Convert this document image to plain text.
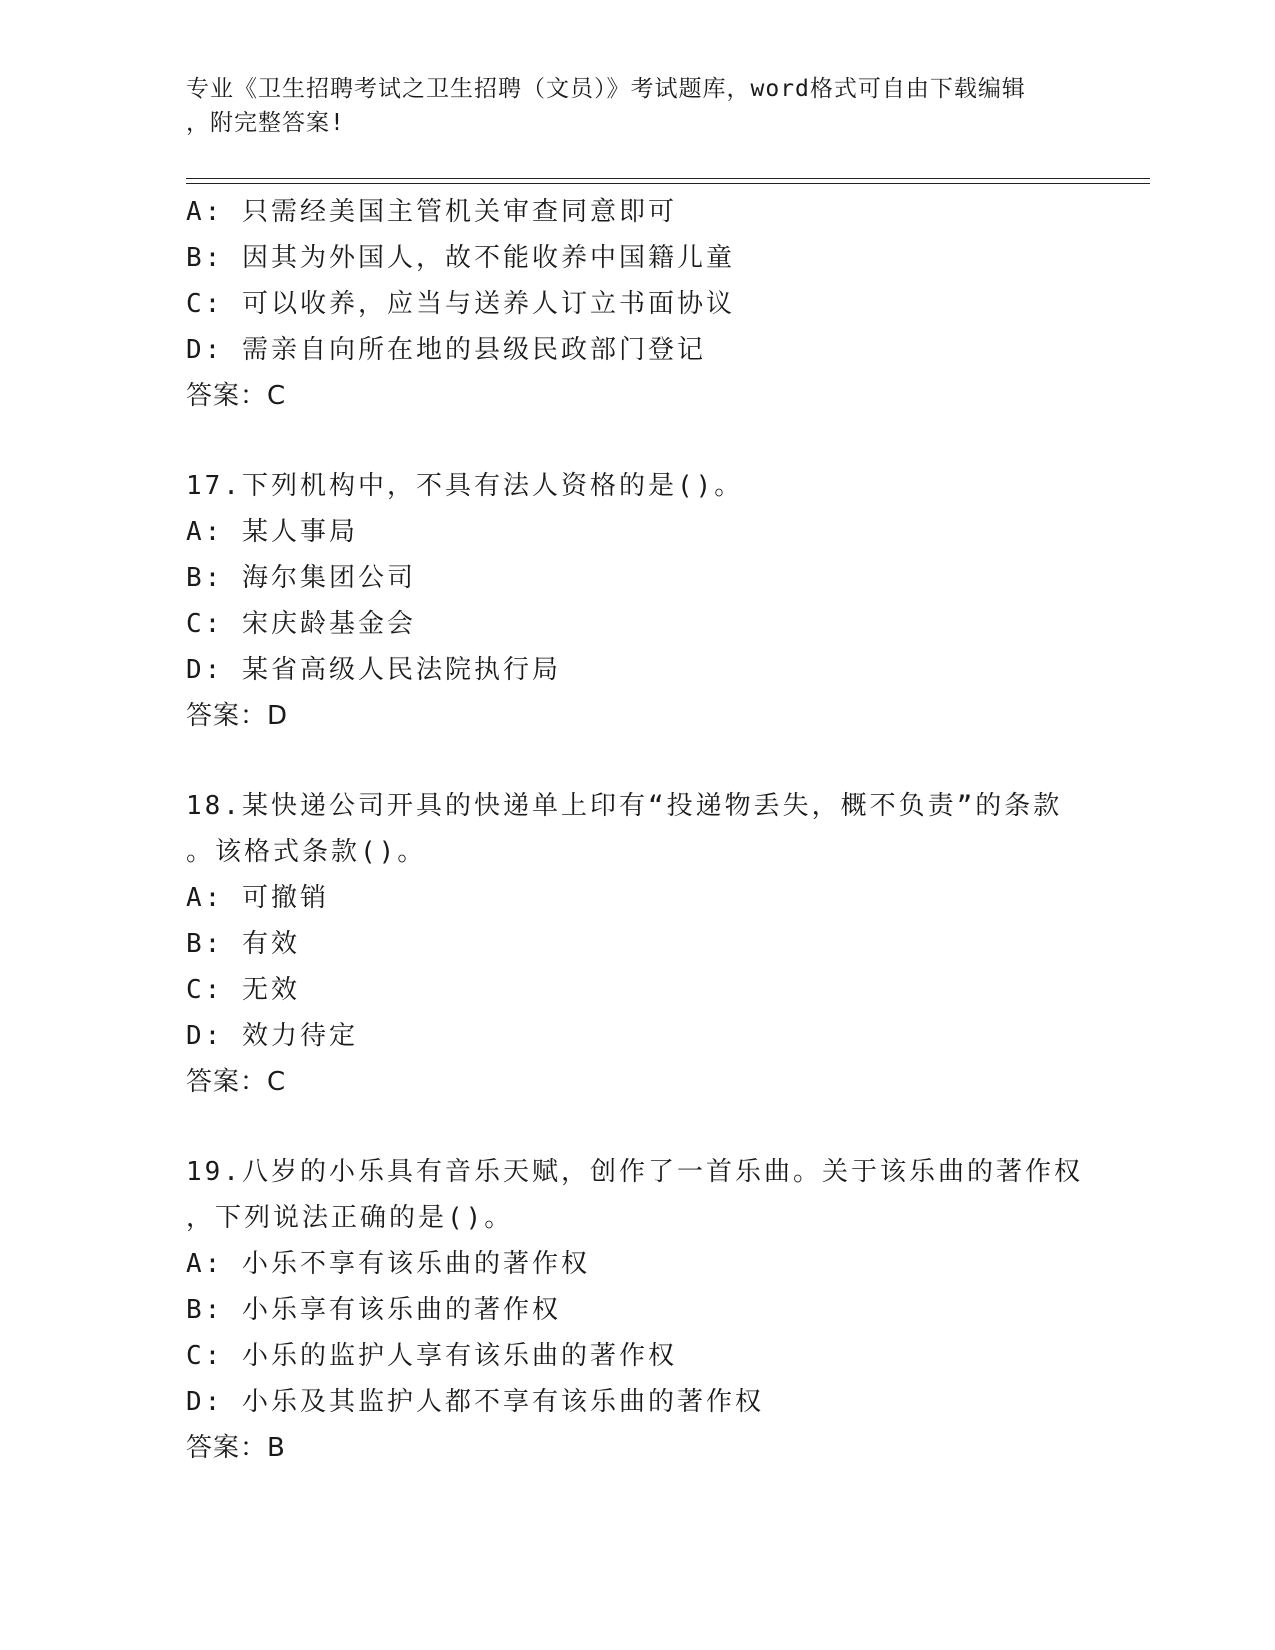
专业《卫生招聘考试之卫生招聘（文员）》考试题库，word格式可自由下载编辑
，附完整答案!
A: 只需经美国主管机关审查同意即可
B: 因其为外国人，故不能收养中国籍儿童
C: 可以收养，应当与送养人订立书面协议
D: 需亲自向所在地的县级民政部门登记
答案：C
17.下列机构中，不具有法人资格的是()。
A: 某人事局
B: 海尔集团公司
C: 宋庆龄基金会
D: 某省高级人民法院执行局
答案：D
18.某快递公司开具的快递单上印有“投递物丢失，概不负责”的条款
。该格式条款()。
A: 可撤销
B: 有效
C: 无效
D: 效力待定
答案：C
19.八岁的小乐具有音乐天赋，创作了一首乐曲。关于该乐曲的著作权
，下列说法正确的是()。
A: 小乐不享有该乐曲的著作权
B: 小乐享有该乐曲的著作权
C: 小乐的监护人享有该乐曲的著作权
D: 小乐及其监护人都不享有该乐曲的著作权
答案：B
